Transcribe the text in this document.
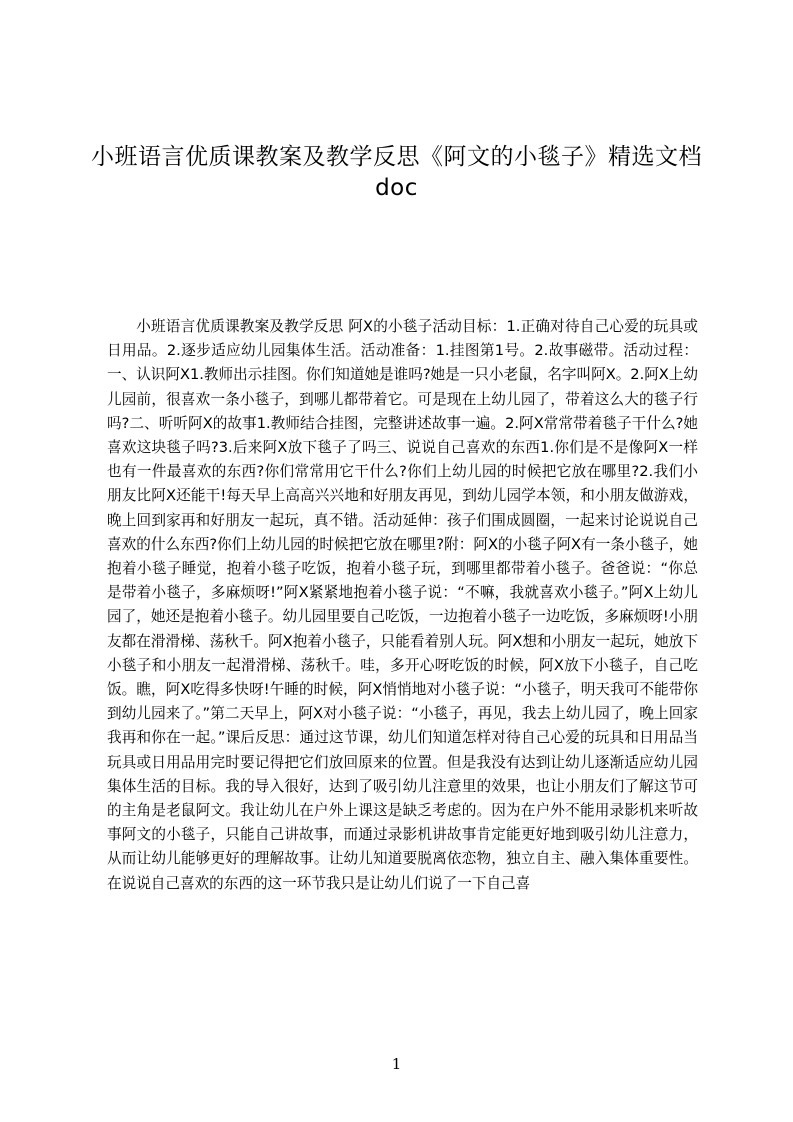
小班语言优质课教案及教学反思《阿文的小毯子》精选文档doc

小班语言优质课教案及教学反思 阿X的小毯子活动目标：1.正确对待自己心爱的玩具或日用品。2.逐步适应幼儿园集体生活。活动准备：1.挂图第1号。2.故事磁带。活动过程：一、认识阿X1.教师出示挂图。你们知道她是谁吗?她是一只小老鼠，名字叫阿X。2.阿X上幼儿园前，很喜欢一条小毯子，到哪儿都带着它。可是现在上幼儿园了，带着这么大的毯子行吗?二、听听阿X的故事1.教师结合挂图，完整讲述故事一遍。2.阿X常常带着毯子干什么?她喜欢这块毯子吗?3.后来阿X放下毯子了吗三、说说自己喜欢的东西1.你们是不是像阿X一样也有一件最喜欢的东西?你们常常用它干什么?你们上幼儿园的时候把它放在哪里?2.我们小朋友比阿X还能干!每天早上高高兴兴地和好朋友再见，到幼儿园学本领，和小朋友做游戏，晚上回到家再和好朋友一起玩，真不错。活动延伸：孩子们围成圆圈，一起来讨论说说自己喜欢的什么东西?你们上幼儿园的时候把它放在哪里?附：阿X的小毯子阿X有一条小毯子，她抱着小毯子睡觉，抱着小毯子吃饭，抱着小毯子玩，到哪里都带着小毯子。爸爸说：“你总是带着小毯子，多麻烦呀!”阿X紧紧地抱着小毯子说：“不嘛，我就喜欢小毯子。”阿X上幼儿园了，她还是抱着小毯子。幼儿园里要自己吃饭，一边抱着小毯子一边吃饭，多麻烦呀!小朋友都在滑滑梯、荡秋千。阿X抱着小毯子，只能看着别人玩。阿X想和小朋友一起玩，她放下小毯子和小朋友一起滑滑梯、荡秋千。哇，多开心呀吃饭的时候，阿X放下小毯子，自己吃饭。瞧，阿X吃得多快呀!午睡的时候，阿X悄悄地对小毯子说：“小毯子，明天我可不能带你到幼儿园来了。”第二天早上，阿X对小毯子说：“小毯子，再见，我去上幼儿园了，晚上回家我再和你在一起。”课后反思：通过这节课，幼儿们知道怎样对待自己心爱的玩具和日用品当玩具或日用品用完时要记得把它们放回原来的位置。但是我没有达到让幼儿逐渐适应幼儿园集体生活的目标。我的导入很好，达到了吸引幼儿注意里的效果，也让小朋友们了解这节可的主角是老鼠阿文。我让幼儿在户外上课这是缺乏考虑的。因为在户外不能用录影机来听故事阿文的小毯子，只能自己讲故事，而通过录影机讲故事肯定能更好地到吸引幼儿注意力，从而让幼儿能够更好的理解故事。让幼儿知道要脱离依恋物，独立自主、融入集体重要性。在说说自己喜欢的东西的这一环节我只是让幼儿们说了一下自己喜

1
